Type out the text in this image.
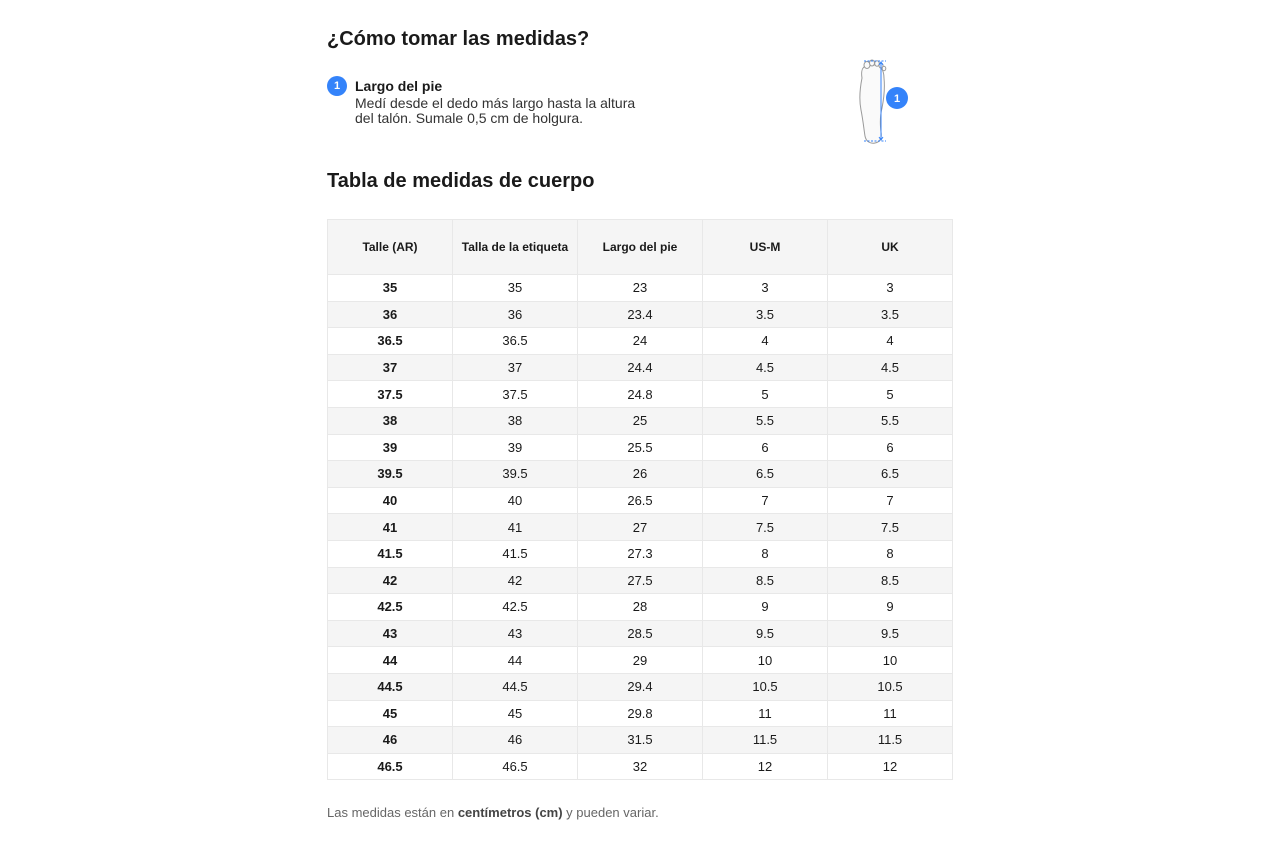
¿Cómo tomar las medidas?
1	Largo del pie
Medí desde el dedo más largo hasta la altura del talón. Sumale 0,5 cm de holgura.
1
Tabla de medidas de cuerpo
Talle (AR)	Talla de la etiqueta	Largo del pie	US-M	UK
35	35	23	3	3
36	36	23.4	3.5	3.5
36.5	36.5	24	4	4
37	37	24.4	4.5	4.5
37.5	37.5	24.8	5	5
38	38	25	5.5	5.5
39	39	25.5	6	6
39.5	39.5	26	6.5	6.5
40	40	26.5	7	7
41	41	27	7.5	7.5
41.5	41.5	27.3	8	8
42	42	27.5	8.5	8.5
42.5	42.5	28	9	9
43	43	28.5	9.5	9.5
44	44	29	10	10
44.5	44.5	29.4	10.5	10.5
45	45	29.8	11	11
46	46	31.5	11.5	11.5
46.5	46.5	32	12	12
Las medidas están en centímetros (cm) y pueden variar.
